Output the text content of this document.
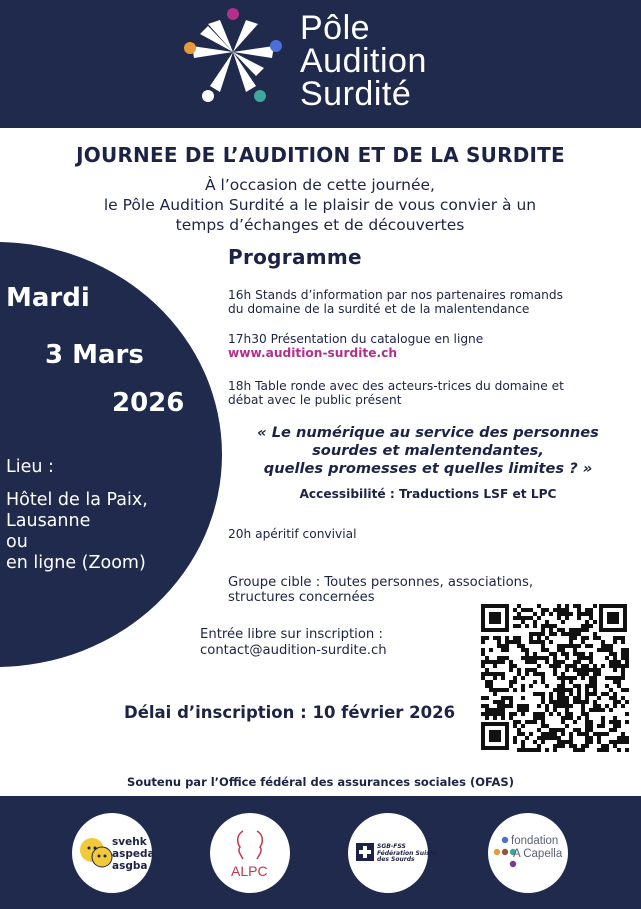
Pôle
Audition
Surdité
JOURNEE DE L’AUDITION ET DE LA SURDITE
À l’occasion de cette journée,
le Pôle Audition Surdité a le plaisir de vous convier à un
temps d’échanges et de découvertes
Mardi
3 Mars
2026
Lieu :
Hôtel de la Paix,
Lausanne
ou
en ligne (Zoom)
Programme
16h Stands d’information par nos partenaires romands
du domaine de la surdité et de la malentendance
17h30 Présentation du catalogue en ligne
www.audition-surdite.ch
18h Table ronde avec des acteurs-trices du domaine et
débat avec le public présent
20h apéritif convivial
Groupe cible : Toutes personnes, associations,
structures concernées
« Le numérique au service des personnes
sourdes et malentendantes,
quelles promesses et quelles limites ? »
Accessibilité : Traductions LSF et LPC
Entrée libre sur inscription :
contact@audition-surdite.ch
Délai d’inscription : 10 février 2026
Soutenu par l’Office fédéral des assurances sociales (OFAS)
svehk
aspeda
asgba	ALPC
SGB-FSS
Fédération Suisse
des Sourds
fondation
A Capella
